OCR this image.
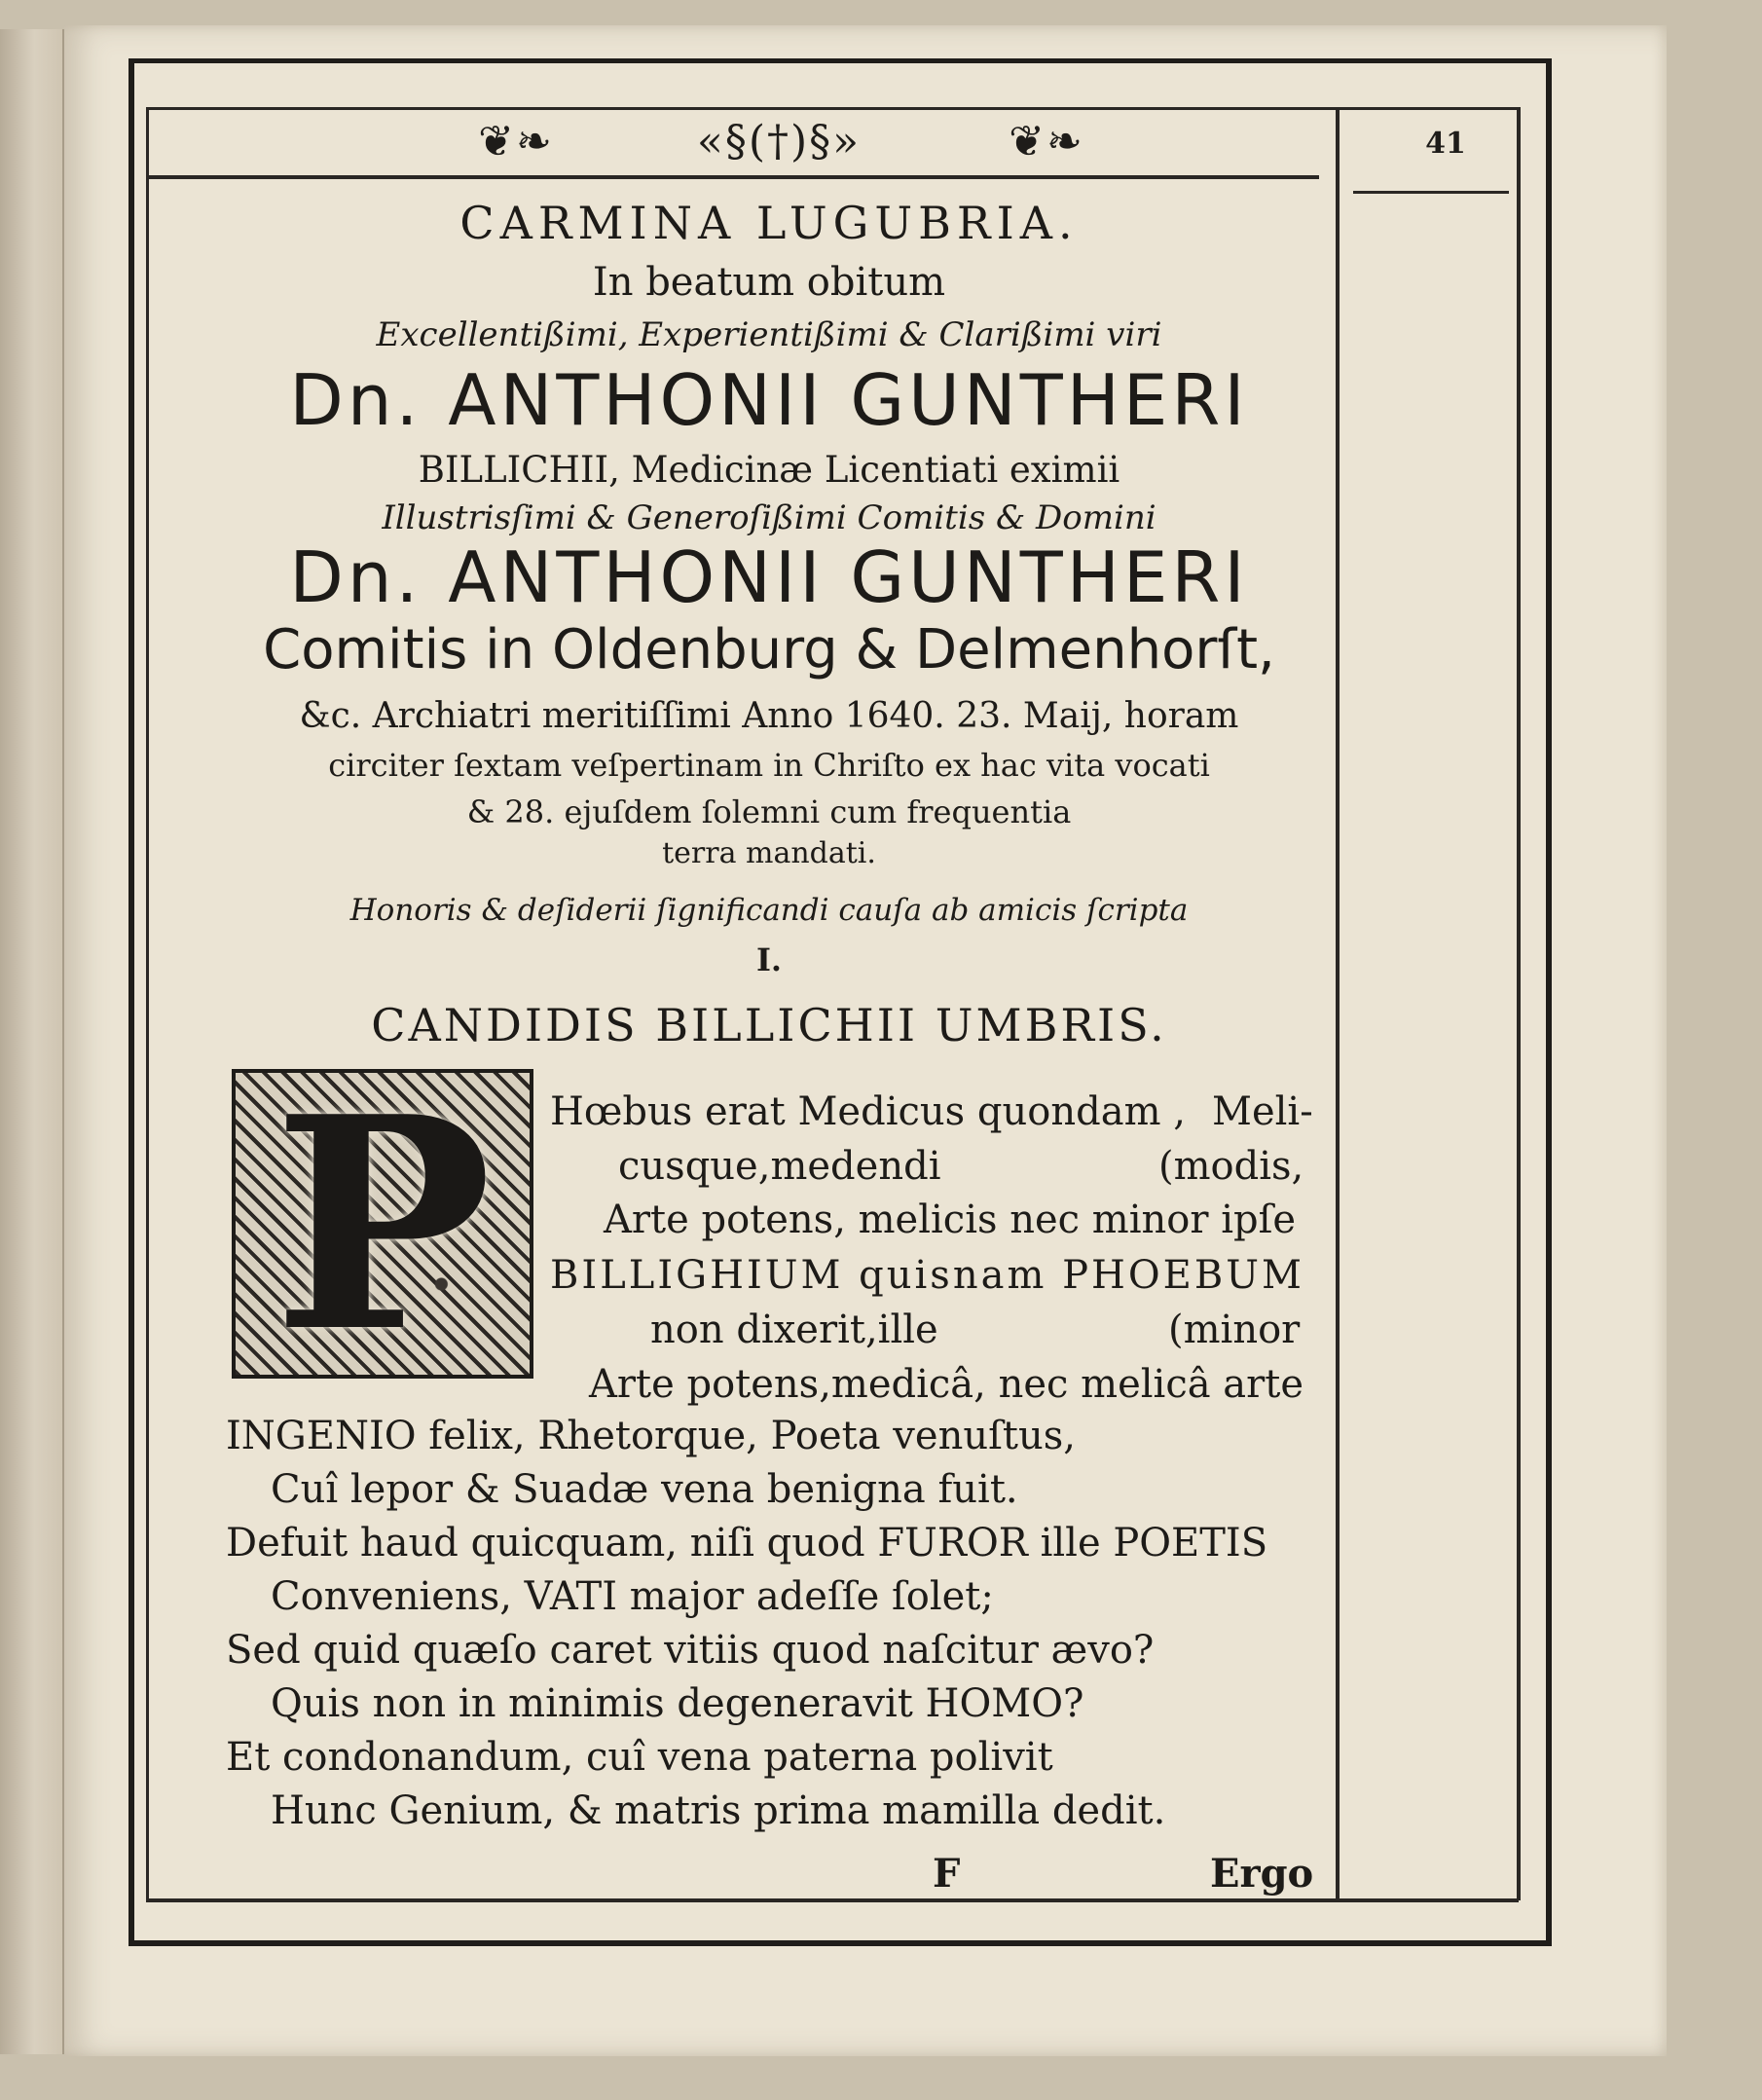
❦❧	«§(†)§»	❦❧	41
CARMINA LUGUBRIA.
In beatum obitum
Excellentißimi, Experientißimi & Clarißimi viri
Dn. ANTHONII GUNTHERI
BILLICHII, Medicinæ Licentiati eximii
Illustrisſimi & Generoſißimi Comitis & Domini
Dn. ANTHONII GUNTHERI
Comitis in Oldenburg & Delmenhorſt,
&c. Archiatri meritiſſimi Anno 1640. 23. Maij, horam
circiter ſextam veſpertinam in Chriſto ex hac vita vocati
& 28. ejuſdem ſolemni cum frequentia
terra mandati.
Honoris & deſiderii ſignificandi cauſa ab amicis ſcripta
I.
CANDIDIS BILLICHII UMBRIS.
P	Hœbus erat Medicus quondam , Meli-
cusque,medendi	(modis,
Arte potens, melicis nec minor ipſe
BILLIGHIUM quisnam PHOEBUM
non dixerit,ille	(minor
Arte potens,medicâ, nec melicâ arte
INGENIO felix, Rhetorque, Poeta venuſtus,
Cuî lepor & Suadæ vena benigna fuit.
Defuit haud quicquam, niſi quod FUROR ille POETIS
Conveniens, VATI major adeſſe ſolet;
Sed quid quæſo caret vitiis quod naſcitur ævo?
Quis non in minimis degeneravit HOMO?
Et condonandum, cuî vena paterna polivit
Hunc Genium, & matris prima mamilla dedit.
F	Ergo
